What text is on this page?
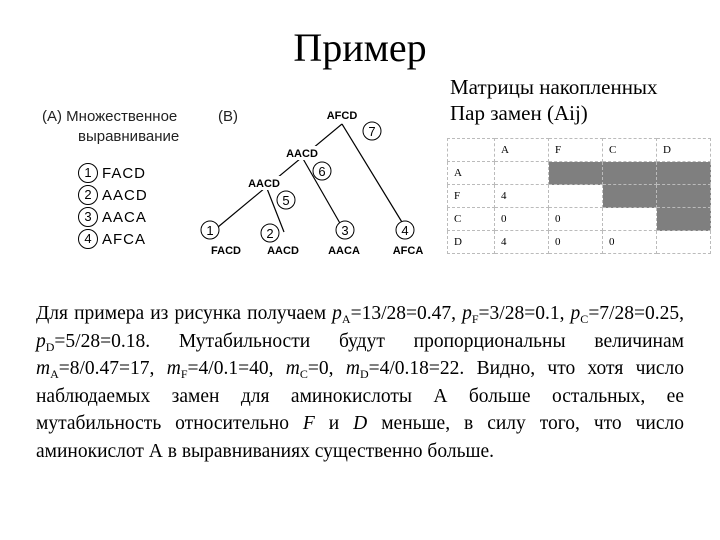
Пример
Матрицы накопленных
Пар замен (Aij)
(A) Множественное
выравнивание
1 FACD
2 AACD
3 AACA
4 AFCA
(B)	AFCD
AACD
AACD
FACD AACD	AACA	AFCA
7
6
5
1	2	3	4
	A	F	C	D
A				
F	4			
C	0	0		
D	4	0	0	
Для примера из рисунка получаем $p_A=13/28=0.47$, $p_F=3/28=0.1$, $p_C=7/28=0.25$, $p_D=5/28=0.18$. Мутабильности будут пропорциональны величинам $m_A=8/0.47=17$, $m_F=4/0.1=40$, $m_C=0$, $m_D=4/0.18=22$. Видно, что хотя число наблюдаемых замен для аминокислоты А больше остальных, ее мутабильность относительно F и D меньше, в силу того, что число аминокислот А в выравниваниях существенно больше.
